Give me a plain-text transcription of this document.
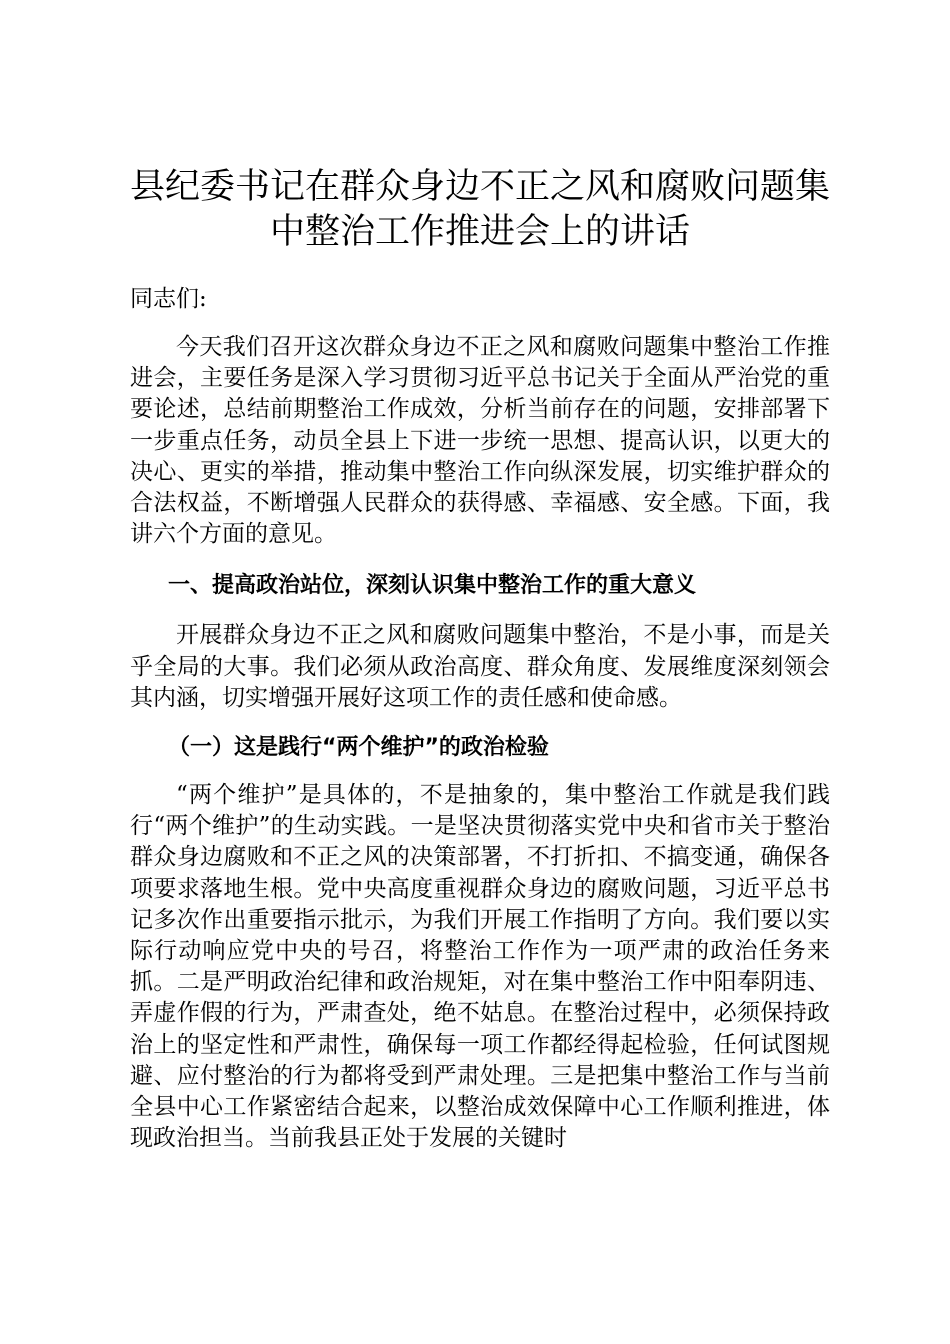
县纪委书记在群众身边不正之风和腐败问题集中整治工作推进会上的讲话

同志们:

今天我们召开这次群众身边不正之风和腐败问题集中整治工作推进会，主要任务是深入学习贯彻习近平总书记关于全面从严治党的重要论述，总结前期整治工作成效，分析当前存在的问题，安排部署下一步重点任务，动员全县上下进一步统一思想、提高认识，以更大的决心、更实的举措，推动集中整治工作向纵深发展，切实维护群众的合法权益，不断增强人民群众的获得感、幸福感、安全感。下面，我讲六个方面的意见。

一、提高政治站位，深刻认识集中整治工作的重大意义

开展群众身边不正之风和腐败问题集中整治，不是小事，而是关乎全局的大事。我们必须从政治高度、群众角度、发展维度深刻领会其内涵，切实增强开展好这项工作的责任感和使命感。

（一）这是践行“两个维护”的政治检验

“两个维护”是具体的，不是抽象的，集中整治工作就是我们践行“两个维护”的生动实践。一是坚决贯彻落实党中央和省市关于整治群众身边腐败和不正之风的决策部署，不打折扣、不搞变通，确保各项要求落地生根。党中央高度重视群众身边的腐败问题，习近平总书记多次作出重要指示批示，为我们开展工作指明了方向。我们要以实际行动响应党中央的号召，将整治工作作为一项严肃的政治任务来抓。二是严明政治纪律和政治规矩，对在集中整治工作中阳奉阴违、弄虚作假的行为，严肃查处，绝不姑息。在整治过程中，必须保持政治上的坚定性和严肃性，确保每一项工作都经得起检验，任何试图规避、应付整治的行为都将受到严肃处理。三是把集中整治工作与当前全县中心工作紧密结合起来，以整治成效保障中心工作顺利推进，体现政治担当。当前我县正处于发展的关键时
